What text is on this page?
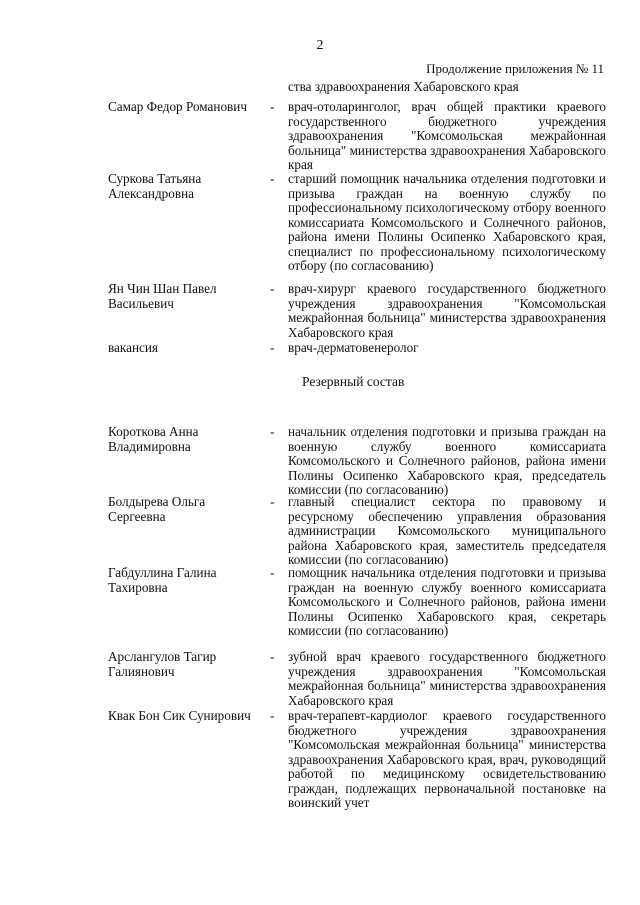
2
Продолжение приложения № 11
ства здравоохранения Хабаровского края
Самар Федор Романович	- врач-отоларинголог, врач общей практики краевого государственного бюджетного учреждения здравоохранения "Комсомольская межрайонная больница" министерства здравоохранения Хабаровского края
Суркова Татьяна Александровна
- старший помощник начальника отделения подготовки и призыва граждан на военную службу по профессиональному психологическому отбору военного комиссариата Комсомольского и Солнечного районов, района имени Полины Осипенко Хабаровского края, специалист по профессиональному психологическому отбору (по согласованию)
Ян Чин Шан Павел Васильевич
- врач-хирург краевого государственного бюджетного учреждения здравоохранения "Комсомольская межрайонная больница" министерства здравоохранения Хабаровского края
вакансия	- врач-дерматовенеролог
Резервный состав
Короткова Анна Владимировна
- начальник отделения подготовки и призыва граждан на военную службу военного комиссариата Комсомольского и Солнечного районов, района имени Полины Осипенко Хабаровского края, председатель комиссии (по согласованию)
Болдырева Ольга Сергеевна
- главный специалист сектора по правовому и ресурсному обеспечению управления образования администрации Комсомольского муниципального района Хабаровского края, заместитель председателя комиссии (по согласованию)
Габдуллина Галина Тахировна
- помощник начальника отделения подготовки и призыва граждан на военную службу военного комиссариата Комсомольского и Солнечного районов, района имени Полины Осипенко Хабаровского края, секретарь комиссии (по согласованию)
Арслангулов Тагир Галиянович
- зубной врач краевого государственного бюджетного учреждения здравоохранения "Комсомольская межрайонная больница" министерства здравоохранения Хабаровского края
Квак Бон Сик Сунирович	- врач-терапевт-кардиолог краевого государственного бюджетного учреждения здравоохранения "Комсомольская межрайонная больница" министерства здравоохранения Хабаровского края, врач, руководящий работой по медицинскому освидетельствованию граждан, подлежащих первоначальной постановке на воинский учет
